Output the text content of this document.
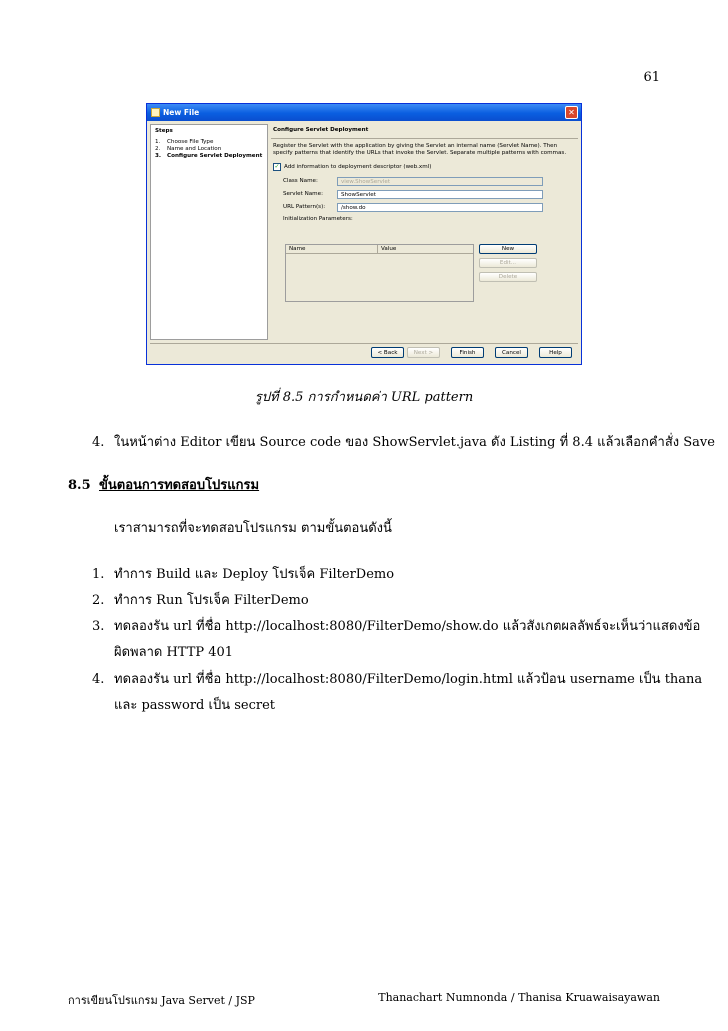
61
New File	✕
Steps
1.	Choose File Type
2.	Name and Location
3.	Configure Servlet Deployment
Configure Servlet Deployment
Register the Servlet with the application by giving the Servlet an internal name (Servlet Name). Then specify patterns that identify the URLs that invoke the Servlet. Separate multiple patterns with commas.
✓ Add information to deployment descriptor (web.xml)
Class Name:	view.ShowServlet
Servlet Name:	ShowServlet
URL Pattern(s):	/show.do
Initialization Parameters:
Name	Value	New
Edit...
Delete
< Back	Next >	Finish	Cancel	Help
รูปที่ 8.5 การกำหนดค่า URL pattern
4. ในหน้าต่าง Editor เขียน Source code ของ ShowServlet.java ดัง Listing ที่ 8.4 แล้วเลือกคำสั่ง Save
8.5 ขั้นตอนการทดสอบโปรแกรม
เราสามารถที่จะทดสอบโปรแกรม ตามขั้นตอนดังนี้
1. ทำการ Build และ Deploy โปรเจ็ค FilterDemo
2. ทำการ Run โปรเจ็ค FilterDemo
3. ทดลองรัน url ที่ชื่อ http://localhost:8080/FilterDemo/show.do แล้วสังเกตผลลัพธ์จะเห็นว่าแสดงข้อ
ผิดพลาด HTTP 401
4. ทดลองรัน url ที่ชื่อ http://localhost:8080/FilterDemo/login.html แล้วป้อน username เป็น thana
และ password เป็น secret
การเขียนโปรแกรม Java Servet / JSP	Thanachart Numnonda / Thanisa Kruawaisayawan
